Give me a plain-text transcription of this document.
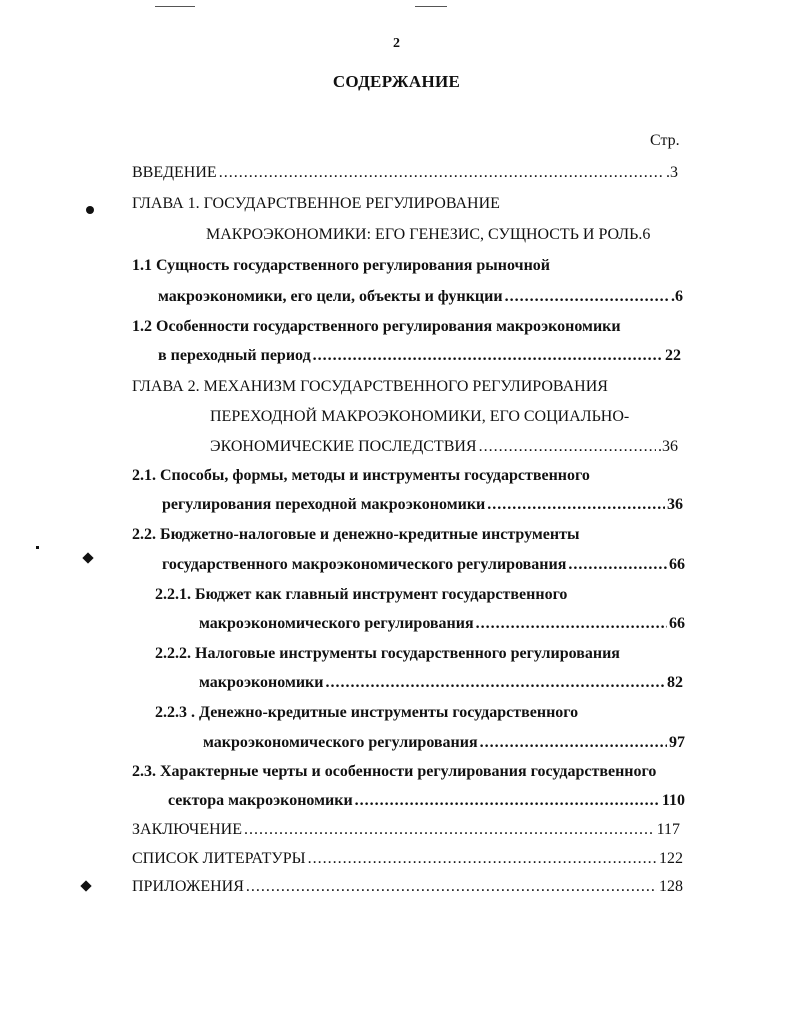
2
СОДЕРЖАНИЕ
Стр.
ВВЕДЕНИЕ .....	.3
ГЛАВА 1. ГОСУДАРСТВЕННОЕ РЕГУЛИРОВАНИЕ
МАКРОЭКОНОМИКИ: ЕГО ГЕНЕЗИС, СУЩНОСТЬ И РОЛЬ .6
1.1 Сущность государственного регулирования рыночной
макроэкономики, его цели, объекты и функции .....	.6
1.2 Особенности государственного регулирования макроэкономики
в переходный период .....	22
ГЛАВА 2. МЕХАНИЗМ ГОСУДАРСТВЕННОГО РЕГУЛИРОВАНИЯ
ПЕРЕХОДНОЙ МАКРОЭКОНОМИКИ, ЕГО СОЦИАЛЬНО-
ЭКОНОМИЧЕСКИЕ ПОСЛЕДСТВИЯ .....	.36
2.1. Способы, формы, методы и инструменты государственного
регулирования переходной макроэкономики .....	36
2.2. Бюджетно-налоговые и денежно-кредитные инструменты
государственного макроэкономического регулирования .....	66
2.2.1. Бюджет как главный инструмент государственного
макроэкономического регулирования .....	66
2.2.2. Налоговые инструменты государственного регулирования
макроэкономики .....	82
2.2.3 . Денежно-кредитные инструменты государственного
макроэкономического регулирования .....	97
2.3. Характерные черты и особенности регулирования государственного
сектора макроэкономики .....	110
ЗАКЛЮЧЕНИЕ .....	117
СПИСОК ЛИТЕРАТУРЫ .....	122
ПРИЛОЖЕНИЯ .....	128
